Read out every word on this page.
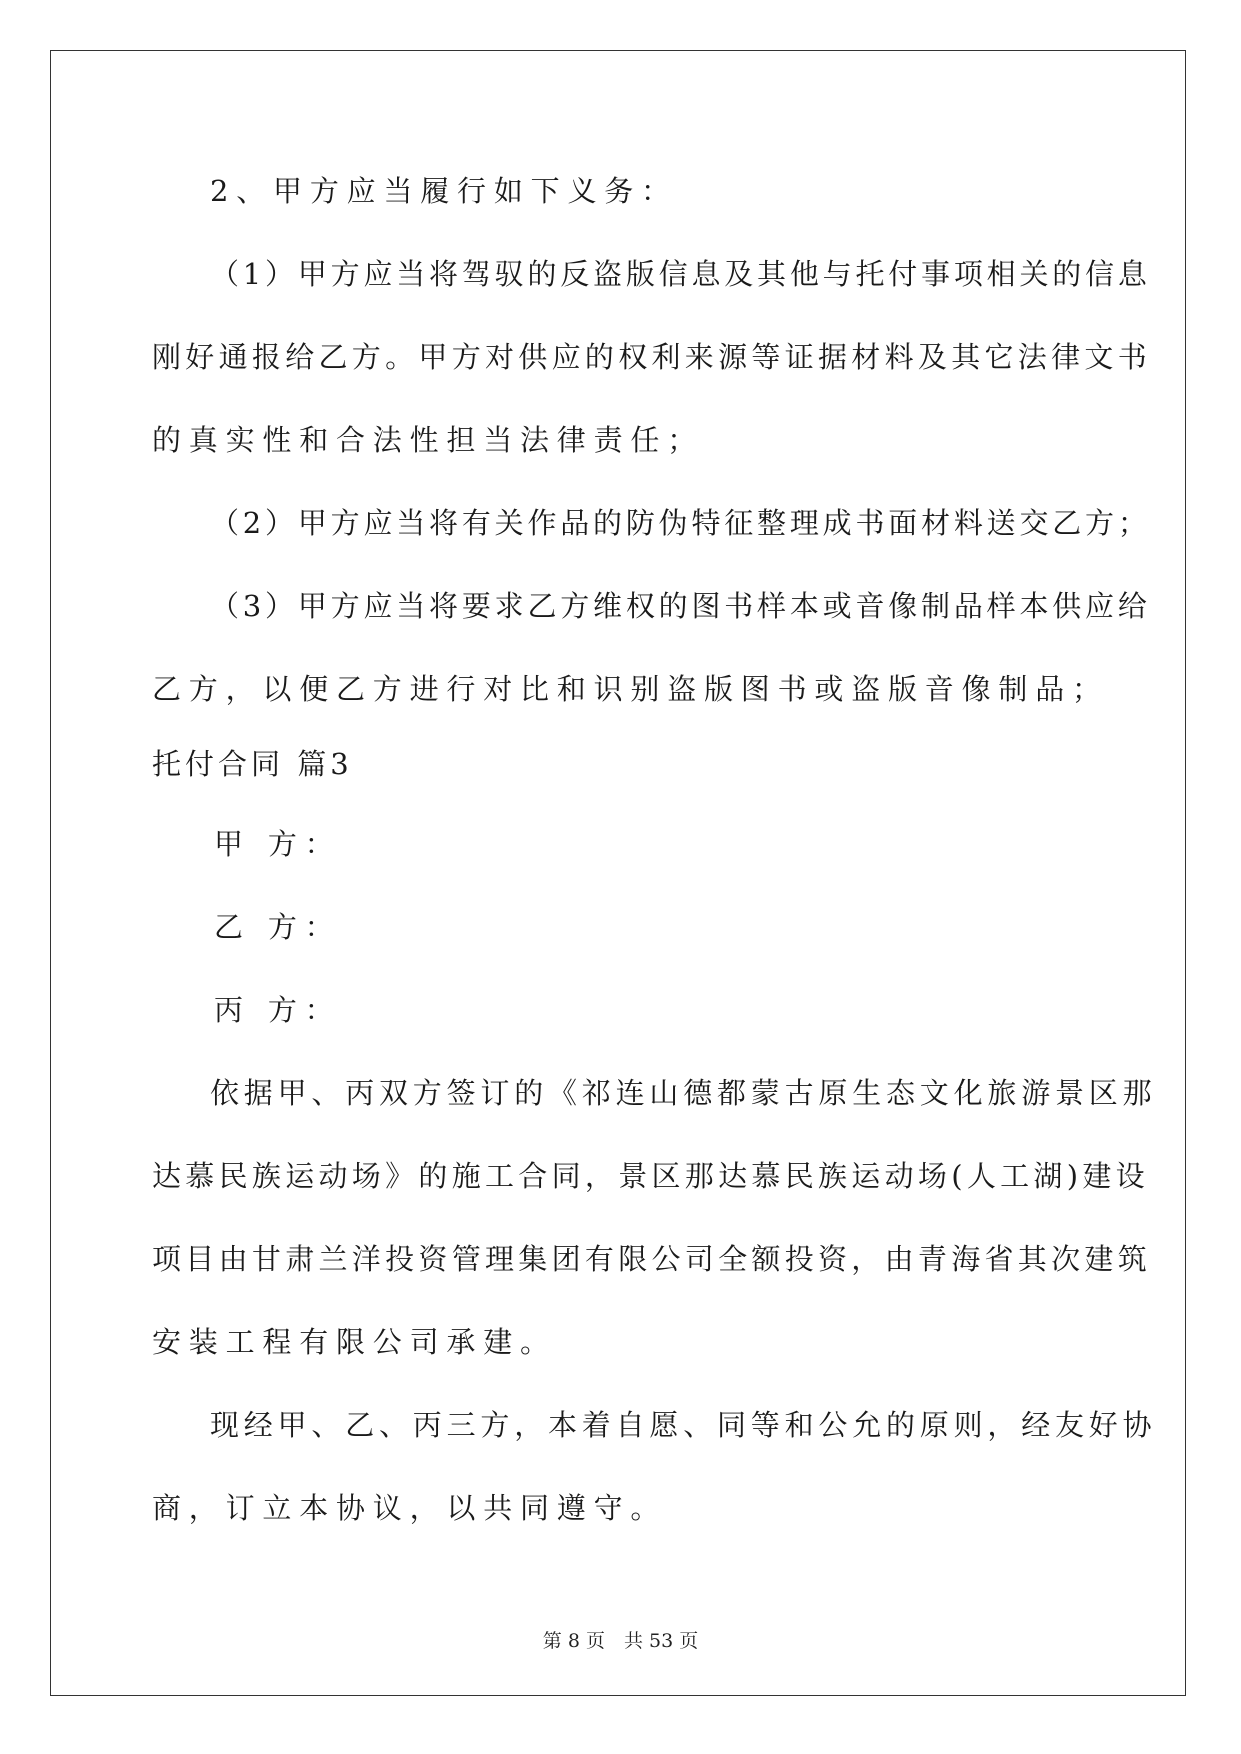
2、甲方应当履行如下义务：
（1）甲方应当将驾驭的反盗版信息及其他与托付事项相关的信息
刚好通报给乙方。甲方对供应的权利来源等证据材料及其它法律文书
的真实性和合法性担当法律责任；
（2）甲方应当将有关作品的防伪特征整理成书面材料送交乙方；
（3）甲方应当将要求乙方维权的图书样本或音像制品样本供应给
乙方，以便乙方进行对比和识别盗版图书或盗版音像制品；
托付合同 篇3
甲 方：
乙 方：
丙 方：
依据甲、丙双方签订的《祁连山德都蒙古原生态文化旅游景区那
达慕民族运动场》的施工合同，景区那达慕民族运动场(人工湖)建设
项目由甘肃兰洋投资管理集团有限公司全额投资，由青海省其次建筑
安装工程有限公司承建。
现经甲、乙、丙三方，本着自愿、同等和公允的原则，经友好协
商，订立本协议，以共同遵守。
第 8 页　共 53 页
